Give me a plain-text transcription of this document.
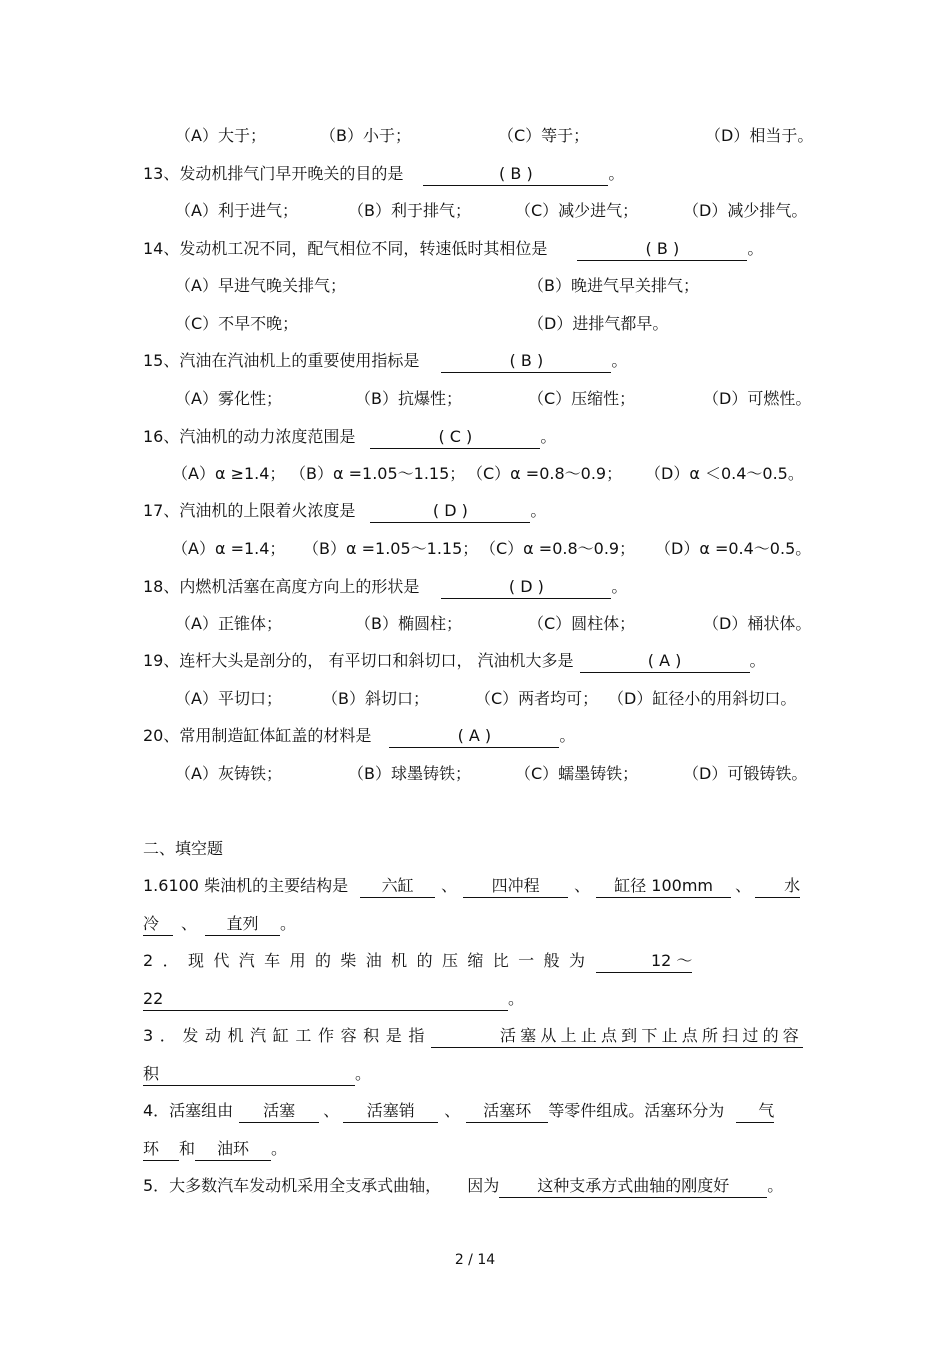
（A）大于；	（B）小于；	（C）等于；	（D）相当于。
13、发动机排气门早开晚关的目的是	( B )	。
（A）利于进气；	（B）利于排气；	（C）减少进气；	（D）减少排气。
14、发动机工况不同，配气相位不同，转速低时其相位是	( B )	。
（A）早进气晚关排气；	（B）晚进气早关排气；
（C）不早不晚；	（D）进排气都早。
15、汽油在汽油机上的重要使用指标是	( B )	。
（A）雾化性；	（B）抗爆性；	（C）压缩性；	（D）可燃性。
16、汽油机的动力浓度范围是	( C )	。
（A）α ≥1.4； （B）α =1.05～1.15； （C）α =0.8～0.9； （D）α ＜0.4～0.5。
17、汽油机的上限着火浓度是	( D )	。
（A）α =1.4； （B）α =1.05～1.15； （C）α =0.8～0.9； （D）α =0.4～0.5。
18、内燃机活塞在高度方向上的形状是	( D )	。
（A）正锥体；	（B）椭圆柱；	（C）圆柱体；	（D）桶状体。
19、连杆大头是剖分的， 有平切口和斜切口， 汽油机大多是	( A )	。
（A）平切口；	（B）斜切口；	（C）两者均可； （D）缸径小的用斜切口。
20、常用制造缸体缸盖的材料是	( A )	。
（A）灰铸铁；	（B）球墨铸铁；	（C）蠕墨铸铁；	（D）可锻铸铁。
二、填空题
1.6100 柴油机的主要结构是 六缸 、 四冲程 、 缸径 100mm 、 水
冷 、 直列 。
2．现代汽车用的柴油机的压缩比一般为	12 ～
22	。
3．发动机汽缸工作容积是指	活塞从上止点到下止点所扫过的容
积	。
4．活塞组由 活塞 、 活塞销 、 活塞环 等零件组成。活塞环分为 气
环 和 油环 。
5．大多数汽车发动机采用全支承式曲轴， 因为 这种支承方式曲轴的刚度好 。
2 / 14
